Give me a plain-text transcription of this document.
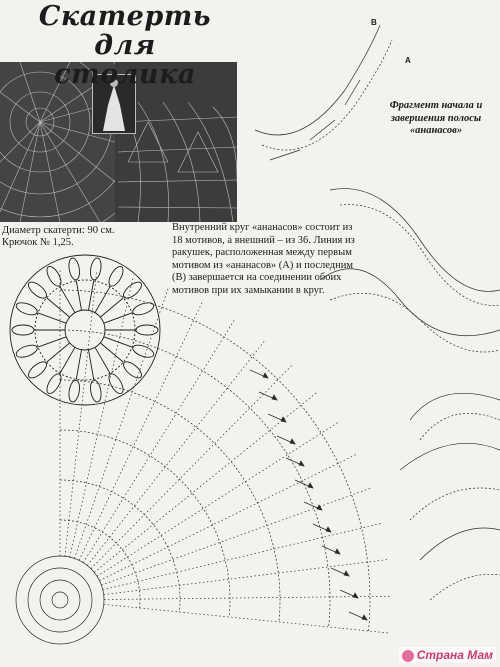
Скатерть
для столика
Диаметр скатерти: 90 см.
Крючок № 1,25.
Внутренний круг «ананасов» состоит из 18 мотивов, а внешний – из 36. Линия из ракушек, расположенная между первым мотивом из «ананасов» (А) и последним (В) завершается на соединении обоих мотивов при их замыкании в круг.
Фрагмент начала и завершения полосы «ананасов»
В
А
Страна Мам
